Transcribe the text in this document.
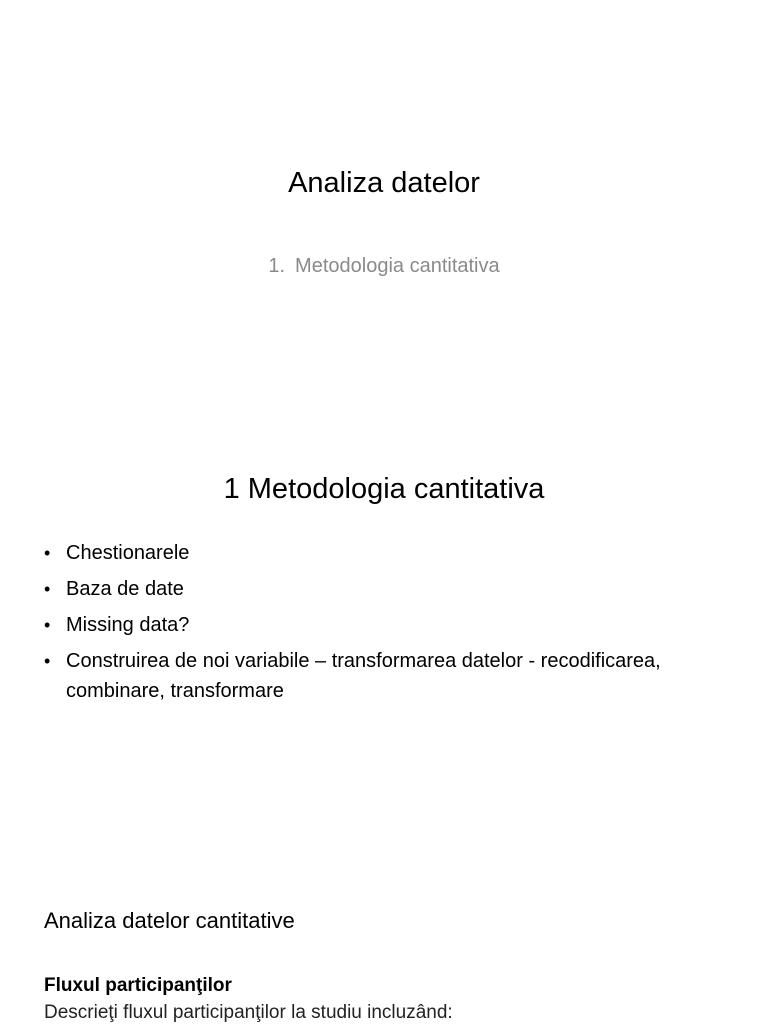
Analiza datelor
1. Metodologia cantitativa
1 Metodologia cantitativa
• Chestionarele
• Baza de date
• Missing data?
• Construirea de noi variabile – transformarea datelor - recodificarea, combinare, transformare
Analiza datelor cantitative
Fluxul participanţilor
Descrieţi fluxul participanţilor la studiu incluzând:
